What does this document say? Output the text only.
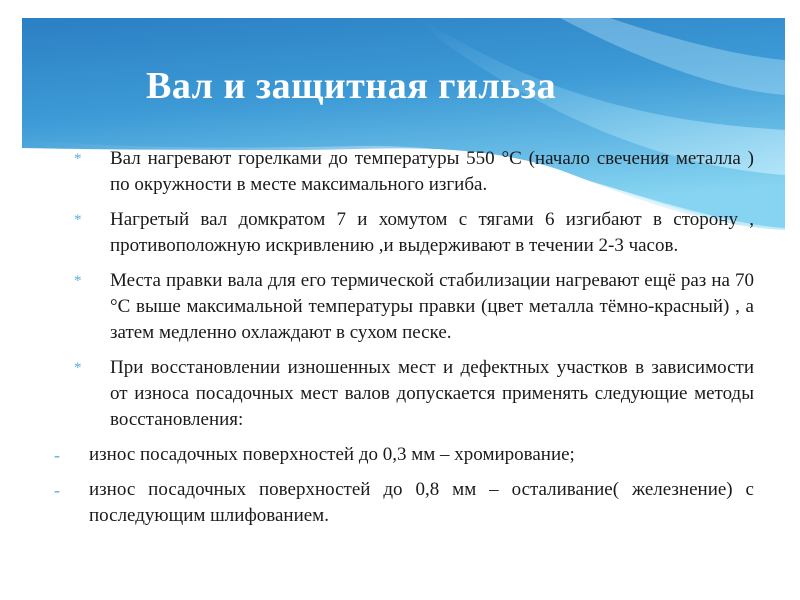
Вал и защитная гильза
* Вал нагревают горелками до температуры 550 °С (начало свечения металла ) по окружности в месте максимального изгиба.
* Нагретый вал домкратом 7 и хомутом с тягами 6 изгибают в сторону , противоположную искривлению ,и выдерживают в течении 2-3 часов.
* Места правки вала для его термической стабилизации нагревают ещё раз на 70 °С выше максимальной температуры правки (цвет металла тёмно-красный) , а затем медленно охлаждают в сухом песке.
* При восстановлении изношенных мест и дефектных участков в зависимости от износа посадочных мест валов допускается применять следующие методы восстановления:
- износ посадочных поверхностей до 0,3 мм – хромирование;
- износ посадочных поверхностей до 0,8 мм – осталивание( железнение) с последующим шлифованием.
